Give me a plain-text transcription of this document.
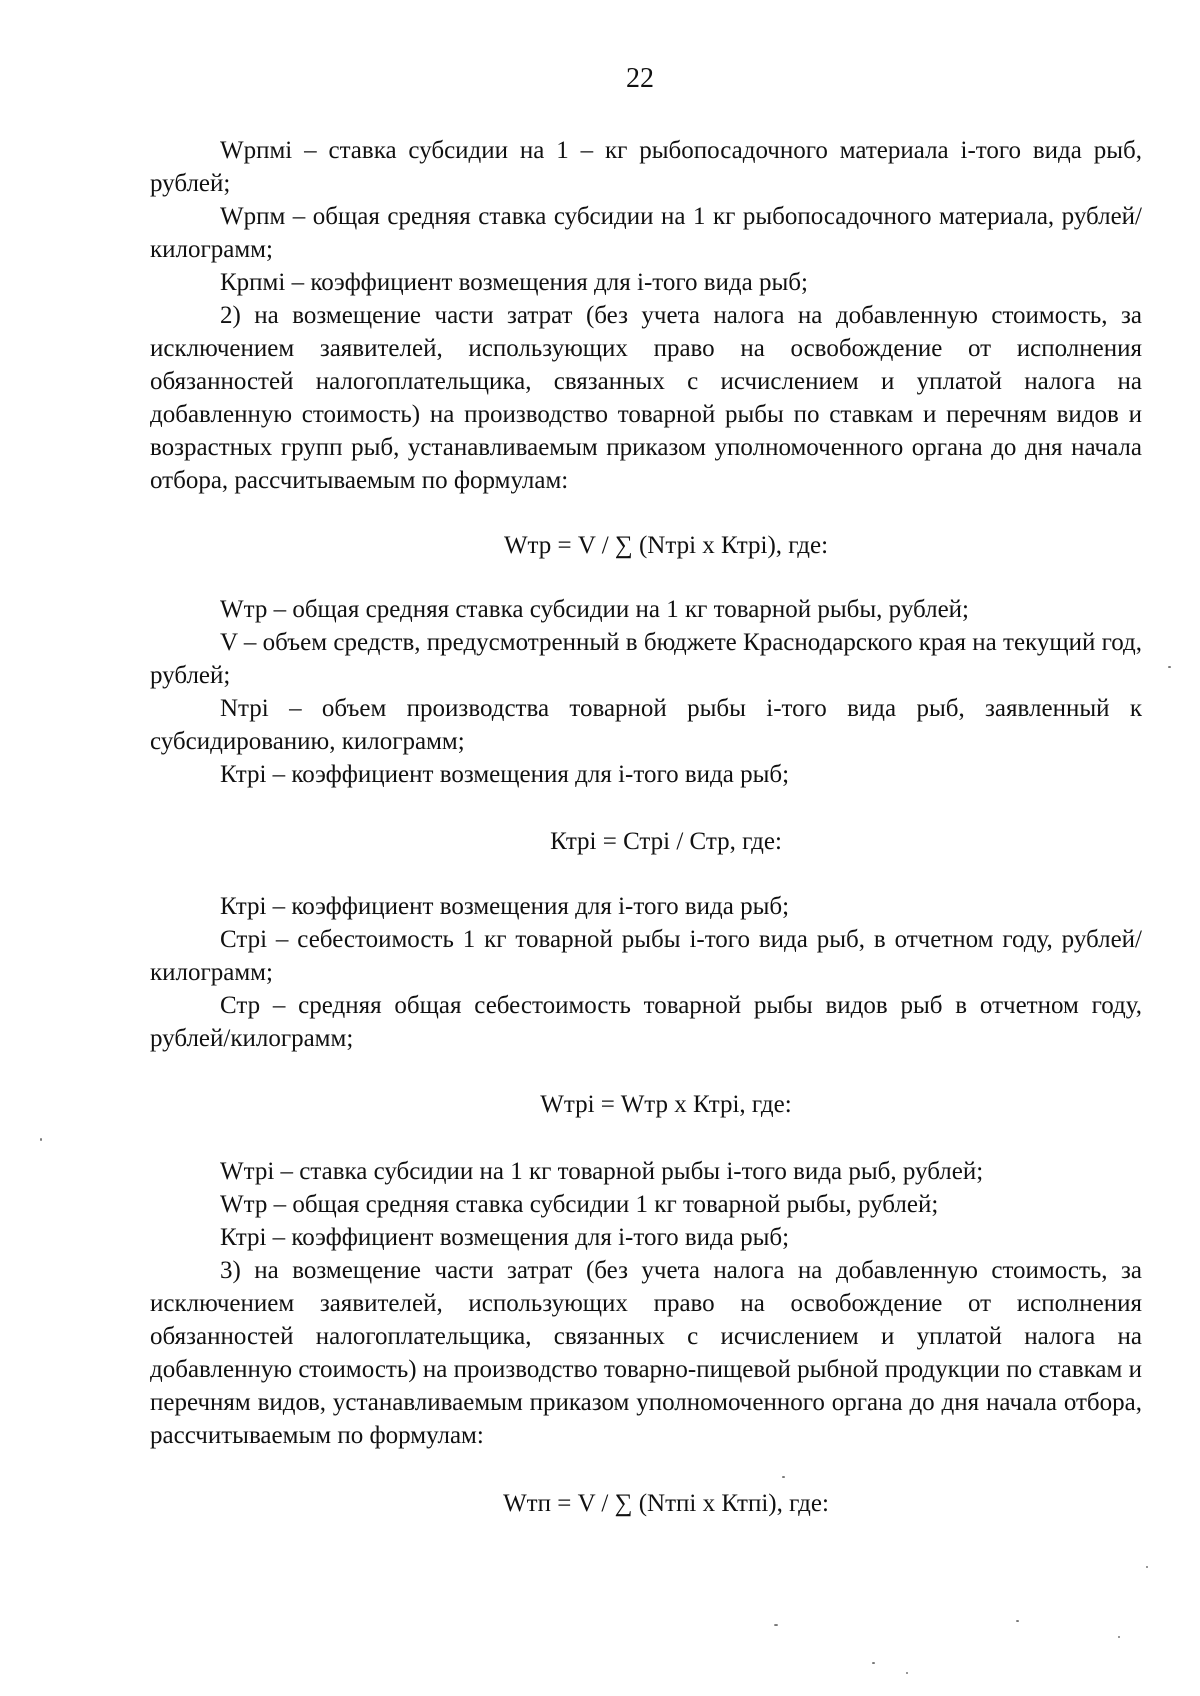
22

Wрпмi – ставка субсидии на 1 – кг рыбопосадочного материала i-того вида рыб, рублей;

Wрпм – общая средняя ставка субсидии на 1 кг рыбопосадочного материала, рублей/килограмм;

Крпмi – коэффициент возмещения для i-того вида рыб;

2) на возмещение части затрат (без учета налога на добавленную стоимость, за исключением заявителей, использующих право на освобождение от исполнения обязанностей налогоплательщика, связанных с исчислением и уплатой налога на добавленную стоимость) на производство товарной рыбы по ставкам и перечням видов и возрастных групп рыб, устанавливаемым приказом уполномоченного органа до дня начала отбора, рассчитываемым по формулам:

Wтр = V / ∑ (Nтрi х Ктрi), где:

Wтр – общая средняя ставка субсидии на 1 кг товарной рыбы, рублей;

V – объем средств, предусмотренный в бюджете Краснодарского края на текущий год, рублей;

Nтрi – объем производства товарной рыбы i-того вида рыб, заявленный к субсидированию, килограмм;

Ктрi – коэффициент возмещения для i-того вида рыб;

Ктрi = Стрi / Стр, где:

Ктрi – коэффициент возмещения для i-того вида рыб;

Стрi – себестоимость 1 кг товарной рыбы i-того вида рыб, в отчетном году, рублей/килограмм;

Стр – средняя общая себестоимость товарной рыбы видов рыб в отчетном году, рублей/килограмм;

Wтрi = Wтр х Ктрi, где:

Wтрi – ставка субсидии на 1 кг товарной рыбы i-того вида рыб, рублей;

Wтр – общая средняя ставка субсидии 1 кг товарной рыбы, рублей;

Ктрi – коэффициент возмещения для i-того вида рыб;

3) на возмещение части затрат (без учета налога на добавленную стоимость, за исключением заявителей, использующих право на освобождение от исполнения обязанностей налогоплательщика, связанных с исчислением и уплатой налога на добавленную стоимость) на производство товарно-пищевой рыбной продукции по ставкам и перечням видов, устанавливаемым приказом уполномоченного органа до дня начала отбора, рассчитываемым по формулам:

Wтп = V / ∑ (Nтпi х Ктпi), где:
